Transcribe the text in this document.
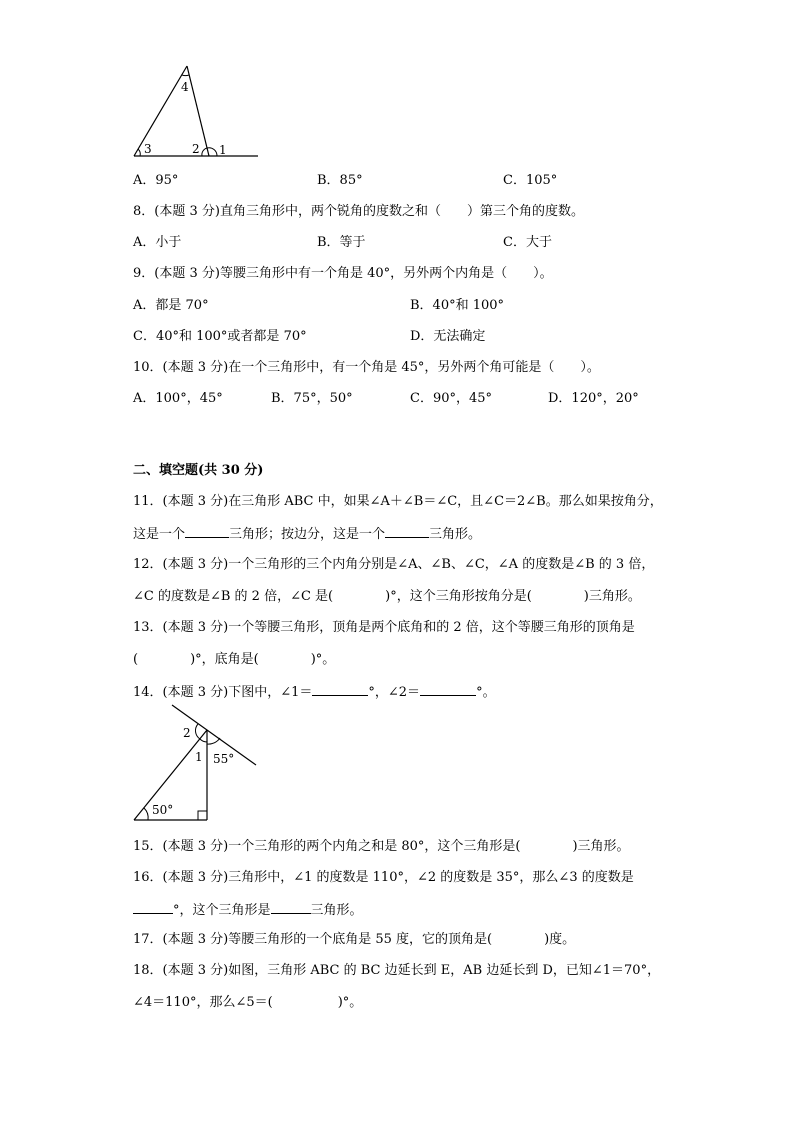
4
3	2 1
A．95°	B．85°	C．105°
8．(本题 3 分)直角三角形中，两个锐角的度数之和（　　）第三个角的度数。
A．小于	B．等于	C．大于
9．(本题 3 分)等腰三角形中有一个角是 40°，另外两个内角是（　　）。
A．都是 70°	B．40°和 100°
C．40°和 100°或者都是 70°	D．无法确定
10．(本题 3 分)在一个三角形中，有一个角是 45°，另外两个角可能是（　　）。
A．100°，45°	B．75°，50°	C．90°，45°	D．120°，20°
二、填空题(共 30 分)
11．(本题 3 分)在三角形 ABC 中，如果∠A＋∠B＝∠C，且∠C＝2∠B。那么如果按角分，
这是一个	三角形；按边分，这是一个	三角形。
12．(本题 3 分)一个三角形的三个内角分别是∠A、∠B、∠C，∠A 的度数是∠B 的 3 倍，
∠C 的度数是∠B 的 2 倍，∠C 是(　　　　)°，这个三角形按角分是(　　　　)三角形。
13．(本题 3 分)一个等腰三角形，顶角是两个底角和的 2 倍，这个等腰三角形的顶角是
(　　　　)°，底角是(　　　　)°。
14．(本题 3 分)下图中，∠1＝	°，∠2＝	°。
2
1 55°
50°
15．(本题 3 分)一个三角形的两个内角之和是 80°，这个三角形是(　　　　)三角形。
16．(本题 3 分)三角形中，∠1 的度数是 110°，∠2 的度数是 35°，那么∠3 的度数是
°，这个三角形是	三角形。
17．(本题 3 分)等腰三角形的一个底角是 55 度，它的顶角是(　　　　)度。
18．(本题 3 分)如图，三角形 ABC 的 BC 边延长到 E，AB 边延长到 D，已知∠1＝70°，
∠4＝110°，那么∠5＝(　　　　　)°。
